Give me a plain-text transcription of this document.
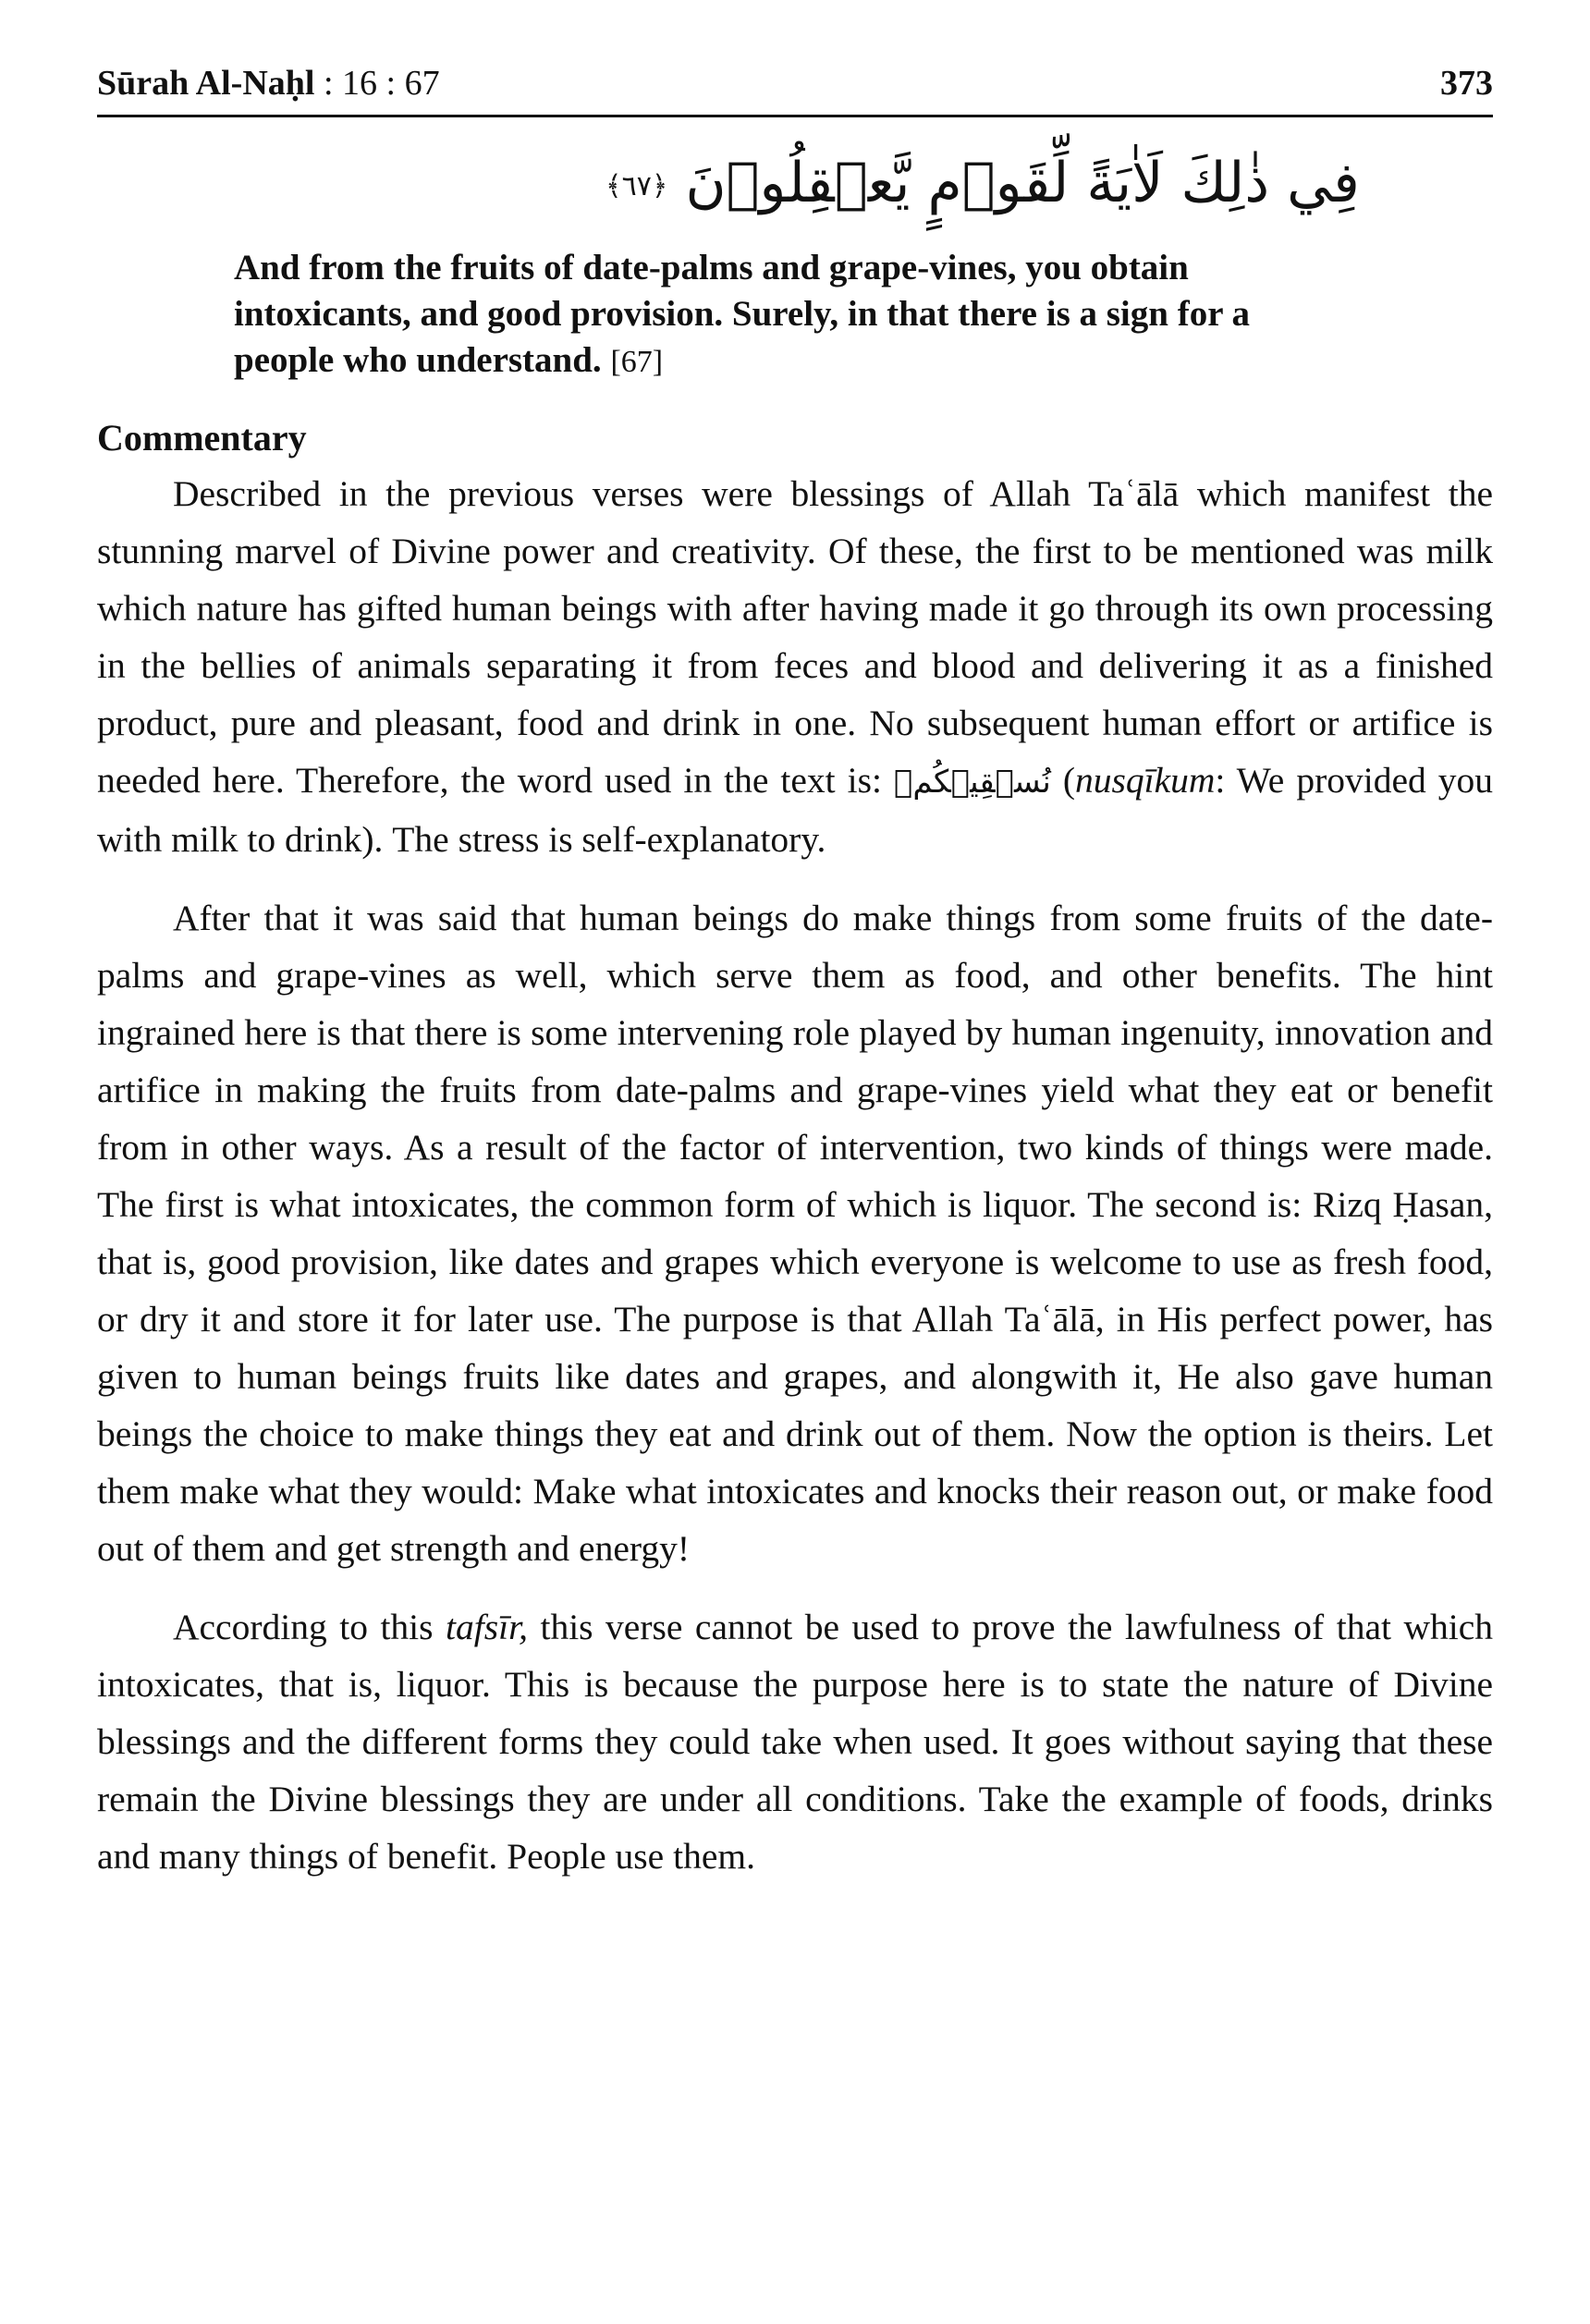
Sūrah Al-Naḥl : 16 : 67	373
فِي ذٰلِكَ لَاٰيَةً لِّقَوۡمٍ يَّعۡقِلُوۡنَ ﴿٦٧﴾
And from the fruits of date-palms and grape-vines, you obtain intoxicants, and good provision. Surely, in that there is a sign for a people who understand. [67]
Commentary

Described in the previous verses were blessings of Allah Taʿālā which manifest the stunning marvel of Divine power and creativity. Of these, the first to be mentioned was milk which nature has gifted human beings with after having made it go through its own processing in the bellies of animals separating it from feces and blood and delivering it as a finished product, pure and pleasant, food and drink in one. No subsequent human effort or artifice is needed here. Therefore, the word used in the text is: نُسۡقِيۡكُمۡ (nusqīkum: We provided you with milk to drink). The stress is self-explanatory.

After that it was said that human beings do make things from some fruits of the date-palms and grape-vines as well, which serve them as food, and other benefits. The hint ingrained here is that there is some intervening role played by human ingenuity, innovation and artifice in making the fruits from date-palms and grape-vines yield what they eat or benefit from in other ways. As a result of the factor of intervention, two kinds of things were made. The first is what intoxicates, the common form of which is liquor. The second is: Rizq Ḥasan, that is, good provision, like dates and grapes which everyone is welcome to use as fresh food, or dry it and store it for later use. The purpose is that Allah Taʿālā, in His perfect power, has given to human beings fruits like dates and grapes, and alongwith it, He also gave human beings the choice to make things they eat and drink out of them. Now the option is theirs. Let them make what they would: Make what intoxicates and knocks their reason out, or make food out of them and get strength and energy!

According to this tafsīr, this verse cannot be used to prove the lawfulness of that which intoxicates, that is, liquor. This is because the purpose here is to state the nature of Divine blessings and the different forms they could take when used. It goes without saying that these remain the Divine blessings they are under all conditions. Take the example of foods, drinks and many things of benefit. People use them.
